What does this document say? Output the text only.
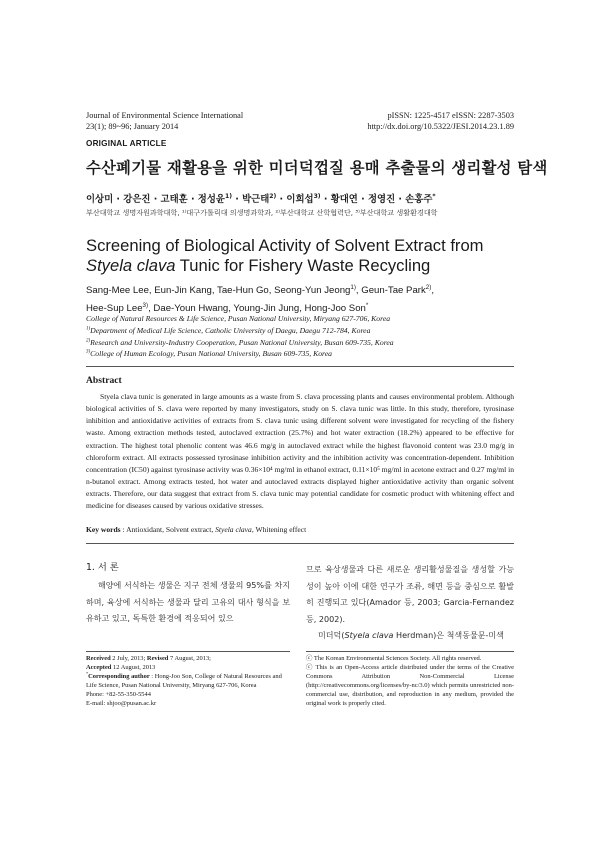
Journal of Environmental Science International
23(1); 89~96; January 2014
pISSN: 1225-4517 eISSN: 2287-3503
http://dx.doi.org/10.5322/JESI.2014.23.1.89
ORIGINAL ARTICLE
수산폐기물 재활용을 위한 미더덕껍질 용매 추출물의 생리활성 탐색
이상미 · 강은진 · 고태훈 · 정성윤$^{1)}$ · 박근태$^{2)}$ · 이희섭$^{3)}$ · 황대연 · 정영진 · 손홍주*
부산대학교 생명자원과학대학, ¹⁾대구가톨릭대 의생명과학과, ²⁾부산대학교 산학협력단, ³⁾부산대학교 생활환경대학
Screening of Biological Activity of Solvent Extract from
Styela clava Tunic for Fishery Waste Recycling
Sang-Mee Lee, Eun-Jin Kang, Tae-Hun Go, Seong-Yun Jeong$^{1)}$, Geun-Tae Park$^{2)}$,
Hee-Sup Lee$^{3)}$, Dae-Youn Hwang, Young-Jin Jung, Hong-Joo Son*
College of Natural Resources & Life Science, Pusan National University, Miryang 627-706, Korea
$^{1)}$Department of Medical Life Science, Catholic University of Daegu, Daegu 712-784, Korea
$^{2)}$Research and University-Industry Cooperation, Pusan National University, Busan 609-735, Korea
$^{3)}$College of Human Ecology, Pusan National University, Busan 609-735, Korea
Abstract

Styela clava tunic is generated in large amounts as a waste from S. clava processing plants and causes environmental problem. Although biological activities of S. clava were reported by many investigators, study on S. clava tunic was little. In this study, therefore, tyrosinase inhibition and antioxidative activities of extracts from S. clava tunic using different solvent were investigated for recycling of the fishery waste. Among extraction methods tested, autoclaved extraction (25.7%) and hot water extraction (18.2%) appeared to be effective for extraction. The highest total phenolic content was 46.6 mg/g in autoclaved extract while the highest flavonoid content was 23.0 mg/g in chloroform extract. All extracts possessed tyrosinase inhibition activity and the inhibition activity was concentration-dependent. Inhibition concentration (IC50) against tyrosinase activity was 0.36×10⁴ mg/ml in ethanol extract, 0.11×10⁵ mg/ml in acetone extract and 0.27 mg/ml in n-butanol extract. Among extracts tested, hot water and autoclaved extracts displayed higher antioxidative activity than organic solvent extracts. Therefore, our data suggest that extract from S. clava tunic may potential candidate for cosmetic product with whitening effect and medicine for diseases caused by various oxidative stresses.

Key words : Antioxidant, Solvent extract, Styela clava, Whitening effect
1. 서 론

해양에 서식하는 생물은 지구 전체 생물의 95%를 차지하며, 육상에 서식하는 생물과 달리 고유의 대사 형식을 보유하고 있고, 독특한 환경에 적응되어 있으

므로 육상생물과 다른 새로운 생리활성물질을 생성할 가능성이 높아 이에 대한 연구가 조류, 해면 등을 중심으로 활발히 진행되고 있다(Amador 등, 2003; Garcia-Fernandez 등, 2002).

미더덕(Styela clava Herdman)은 척색동물문-미색

Received 2 July, 2013; Revised 7 August, 2013;

Accepted 12 August, 2013

*Corresponding author : Hong-Joo Son, College of Natural Resources and Life Science, Pusan National University, Miryang 627-706, Korea

Phone: +82-55-350-5544

E-mail: shjoo@pusan.ac.kr

ⓒ The Korean Environmental Sciences Society. All rights reserved.

ⓒ This is an Open-Access article distributed under the terms of the Creative Commons Attribution Non-Commercial License (http://creativecommons.org/licenses/by-nc/3.0) which permits unrestricted non-commercial use, distribution, and reproduction in any medium, provided the original work is properly cited.
